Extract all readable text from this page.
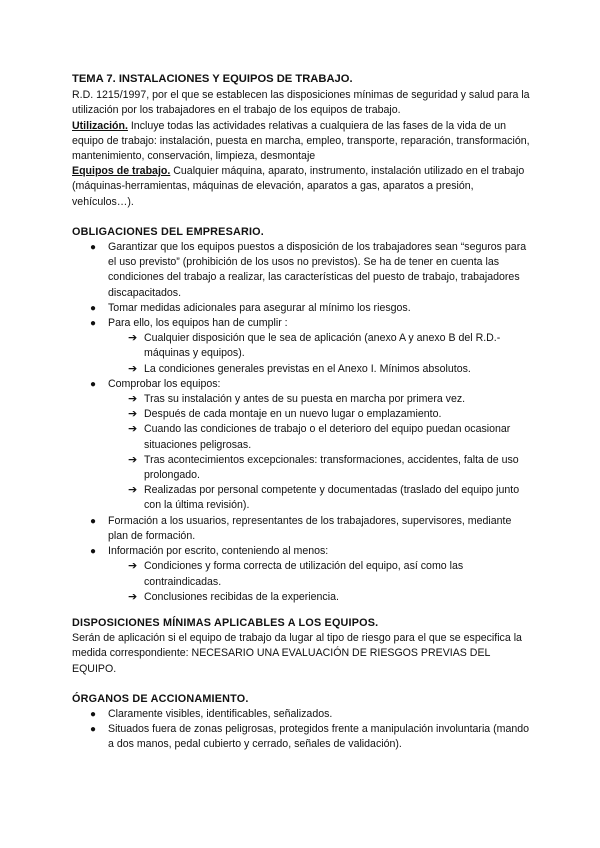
TEMA 7. INSTALACIONES Y EQUIPOS DE TRABAJO.

R.D. 1215/1997, por el que se establecen las disposiciones mínimas de seguridad y salud para la utilización por los trabajadores en el trabajo de los equipos de trabajo.

Utilización. Incluye todas las actividades relativas a cualquiera de las fases de la vida de un equipo de trabajo: instalación, puesta en marcha, empleo, transporte, reparación, transformación, mantenimiento, conservación, limpieza, desmontaje

Equipos de trabajo. Cualquier máquina, aparato, instrumento, instalación utilizado en el trabajo (máquinas-herramientas, máquinas de elevación, aparatos a gas, aparatos a presión, vehículos…).

OBLIGACIONES DEL EMPRESARIO.

● Garantizar que los equipos puestos a disposición de los trabajadores sean “seguros para el uso previsto” (prohibición de los usos no previstos). Se ha de tener en cuenta las condiciones del trabajo a realizar, las características del puesto de trabajo, trabajadores discapacitados.
● Tomar medidas adicionales para asegurar al mínimo los riesgos.
● Para ello, los equipos han de cumplir :
➔ Cualquier disposición que le sea de aplicación (anexo A y anexo B del R.D.- máquinas y equipos).
➔ La condiciones generales previstas en el Anexo I. Mínimos absolutos.
● Comprobar los equipos:
➔ Tras su instalación y antes de su puesta en marcha por primera vez.
➔ Después de cada montaje en un nuevo lugar o emplazamiento.
➔ Cuando las condiciones de trabajo o el deterioro del equipo puedan ocasionar situaciones peligrosas.
➔ Tras acontecimientos excepcionales: transformaciones, accidentes, falta de uso prolongado.
➔ Realizadas por personal competente y documentadas (traslado del equipo junto con la última revisión).
● Formación a los usuarios, representantes de los trabajadores, supervisores, mediante plan de formación.
● Información por escrito, conteniendo al menos:
➔ Condiciones y forma correcta de utilización del equipo, así como las contraindicadas.
➔ Conclusiones recibidas de la experiencia.

DISPOSICIONES MÍNIMAS APLICABLES A LOS EQUIPOS.

Serán de aplicación si el equipo de trabajo da lugar al tipo de riesgo para el que se especifica la medida correspondiente: NECESARIO UNA EVALUACIÓN DE RIESGOS PREVIAS DEL EQUIPO.

ÓRGANOS DE ACCIONAMIENTO.

● Claramente visibles, identificables, señalizados.
● Situados fuera de zonas peligrosas, protegidos frente a manipulación involuntaria (mando a dos manos, pedal cubierto y cerrado, señales de validación).
